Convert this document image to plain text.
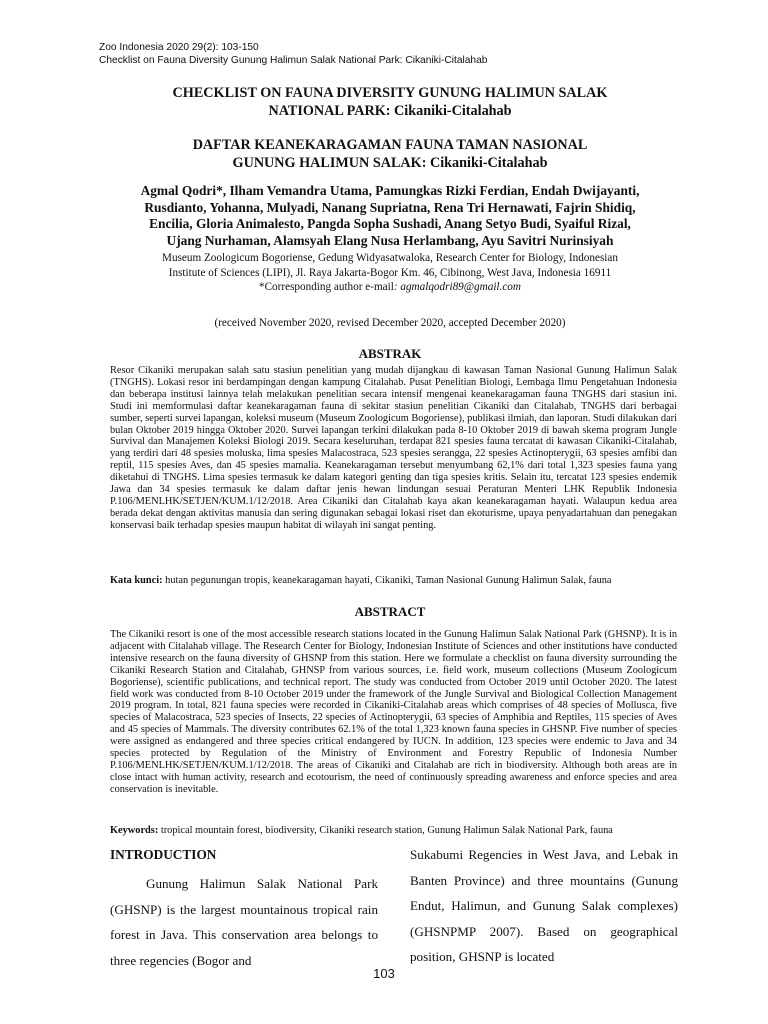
Zoo Indonesia 2020 29(2): 103-150
Checklist on Fauna Diversity Gunung Halimun Salak National Park: Cikaniki-Citalahab
CHECKLIST ON FAUNA DIVERSITY GUNUNG HALIMUN SALAK
NATIONAL PARK: Cikaniki-Citalahab
DAFTAR KEANEKARAGAMAN FAUNA TAMAN NASIONAL
GUNUNG HALIMUN SALAK: Cikaniki-Citalahab
Agmal Qodri*, Ilham Vemandra Utama, Pamungkas Rizki Ferdian, Endah Dwijayanti,
Rusdianto, Yohanna, Mulyadi, Nanang Supriatna, Rena Tri Hernawati, Fajrin Shidiq,
Encilia, Gloria Animalesto, Pangda Sopha Sushadi, Anang Setyo Budi, Syaiful Rizal,
Ujang Nurhaman, Alamsyah Elang Nusa Herlambang, Ayu Savitri Nurinsiyah
Museum Zoologicum Bogoriense, Gedung Widyasatwaloka, Research Center for Biology, Indonesian
Institute of Sciences (LIPI), Jl. Raya Jakarta-Bogor Km. 46, Cibinong, West Java, Indonesia 16911
*Corresponding author e-mail: agmalqodri89@gmail.com
(received November 2020, revised December 2020, accepted December 2020)
ABSTRAK

Resor Cikaniki merupakan salah satu stasiun penelitian yang mudah dijangkau di kawasan Taman Nasional Gunung Halimun Salak (TNGHS). Lokasi resor ini berdampingan dengan kampung Citalahab. Pusat Penelitian Biologi, Lembaga Ilmu Pengetahuan Indonesia dan beberapa institusi lainnya telah melakukan penelitian secara intensif mengenai keanekaragaman fauna TNGHS dari stasiun ini. Studi ini memformulasi daftar keanekaragaman fauna di sekitar stasiun penelitian Cikaniki dan Citalahab, TNGHS dari berbagai sumber, seperti survei lapangan, koleksi museum (Museum Zoologicum Bogoriense), publikasi ilmiah, dan laporan. Studi dilakukan dari bulan Oktober 2019 hingga Oktober 2020. Survei lapangan terkini dilakukan pada 8-10 Oktober 2019 di bawah skema program Jungle Survival dan Manajemen Koleksi Biologi 2019. Secara keseluruhan, terdapat 821 spesies fauna tercatat di kawasan Cikaniki-Citalahab, yang terdiri dari 48 spesies moluska, lima spesies Malacostraca, 523 spesies serangga, 22 spesies Actinopterygii, 63 spesies amfibi dan reptil, 115 spesies Aves, dan 45 spesies mamalia. Keanekaragaman tersebut menyumbang 62,1% dari total 1,323 spesies fauna yang diketahui di TNGHS. Lima spesies termasuk ke dalam kategori genting dan tiga spesies kritis. Selain itu, tercatat 123 spesies endemik Jawa dan 34 spesies termasuk ke dalam daftar jenis hewan lindungan sesuai Peraturan Menteri LHK Republik Indonesia P.106/MENLHK/SETJEN/KUM.1/12/2018. Area Cikaniki dan Citalahab kaya akan keanekaragaman hayati. Walaupun kedua area berada dekat dengan aktivitas manusia dan sering digunakan sebagai lokasi riset dan ekoturisme, upaya penyadartahuan dan penegakan konservasi baik terhadap spesies maupun habitat di wilayah ini sangat penting.

Kata kunci: hutan pegunungan tropis, keanekaragaman hayati, Cikaniki, Taman Nasional Gunung Halimun Salak, fauna
ABSTRACT

The Cikaniki resort is one of the most accessible research stations located in the Gunung Halimun Salak National Park (GHSNP). It is in adjacent with Citalahab village. The Research Center for Biology, Indonesian Institute of Sciences and other institutions have conducted intensive research on the fauna diversity of GHSNP from this station. Here we formulate a checklist on fauna diversity surrounding the Cikaniki Research Station and Citalahab, GHNSP from various sources, i.e. field work, museum collections (Museum Zoologicum Bogoriense), scientific publications, and technical report. The study was conducted from October 2019 until October 2020. The latest field work was conducted from 8-10 October 2019 under the framework of the Jungle Survival and Biological Collection Management 2019 program. In total, 821 fauna species were recorded in Cikaniki-Citalahab areas which comprises of 48 species of Mollusca, five species of Malacostraca, 523 species of Insects, 22 species of Actinopterygii, 63 species of Amphibia and Reptiles, 115 species of Aves and 45 species of Mammals. The diversity contributes 62.1% of the total 1,323 known fauna species in GHSNP. Five number of species were assigned as endangered and three species critical endangered by IUCN. In addition, 123 species were endemic to Java and 34 species protected by Regulation of the Ministry of Environment and Forestry Republic of Indonesia Number P.106/MENLHK/SETJEN/KUM.1/12/2018. The areas of Cikaniki and Citalahab are rich in biodiversity. Although both areas are in close intact with human activity, research and ecotourism, the need of continuously spreading awareness and enforce species and area conservation is inevitable.

Keywords: tropical mountain forest, biodiversity, Cikaniki research station, Gunung Halimun Salak National Park, fauna
INTRODUCTION

Gunung Halimun Salak National Park (GHSNP) is the largest mountainous tropical rain forest in Java. This conservation area belongs to three regencies (Bogor and

Sukabumi Regencies in West Java, and Lebak in Banten Province) and three mountains (Gunung Endut, Halimun, and Gunung Salak complexes) (GHSNPMP 2007). Based on geographical position, GHSNP is located

103
